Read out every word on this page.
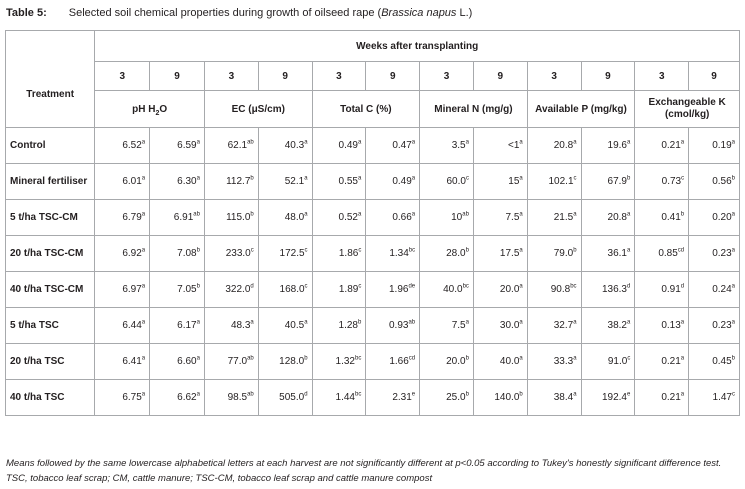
Table 5: Selected soil chemical properties during growth of oilseed rape (Brassica napus L.)
	Weeks after transplanting											
Treatment	3	9	3	9	3	9	3	9	3	9	3	9
	pH $H_2O$		EC (μS/cm)		Total C (%)		Mineral N (mg/g)		Available P (mg/kg)		Exchangeable K
(cmol/kg)	
Control	6.52$^a$	6.59$^a$	62.1$^{ab}$	40.3$^a$	0.49$^a$	0.47$^a$	3.5$^a$	$<1^a$	20.8$^a$	19.6$^a$	0.21$^a$	0.19$^a$
Mineral fertiliser	6.01$^a$	6.30$^a$	112.7$^b$	52.1$^a$	0.55$^a$	0.49$^a$	60.0$^c$	15$^a$	102.1$^c$	67.9$^b$	0.73$^c$	0.56$^b$
5 t/ha TSC-CM	6.79$^a$	6.91$^{ab}$	115.0$^b$	48.0$^a$	0.52$^a$	0.66$^a$	$10^{ab}$	7.5$^a$	21.5$^a$	20.8$^a$	0.41$^b$	0.20$^a$
20 t/ha TSC-CM	6.92$^a$	7.08$^b$	233.0$^c$	172.5$^c$	1.86$^c$	1.34$^{bc}$	28.0$^b$	17.5$^a$	79.0$^b$	36.1$^a$	0.85$^{cd}$	0.23$^a$
40 t/ha TSC-CM	6.97$^a$	7.05$^b$	322.0$^d$	168.0$^c$	1.89$^c$	1.96de	40.0$^{bc}$	20.0$^a$	90.8$^{bc}$	136.3$^d$	0.91$^d$	0.24$^a$
5 t/ha TSC	6.44$^a$	6.17$^a$	48.3$^a$	40.5$^a$	1.28$^b$	0.93$^{ab}$	7.5$^a$	30.0$^a$	32.7$^a$	38.2$^a$	0.13$^a$	0.23$^a$
20 t/ha TSC	6.41$^a$	6.60$^a$	77.0$^{ab}$	128.0$^b$	1.32$^{bc}$	1.66$^{cd}$	20.0$^b$	40.0$^a$	33.3$^a$	91.0$^c$	0.21$^a$	0.45$^b$
40 t/ha TSC	6.75$^a$	6.62$^a$	98.5$^{ab}$	505.0$^d$	1.44$^{bc}$	2.31e	25.0$^b$	140.0$^b$	38.4$^a$	192.4e	0.21$^a$	1.47$^c$
Means followed by the same lowercase alphabetical letters at each harvest are not significantly different at p<0.05 according to Tukey's honestly significant difference test.
TSC, tobacco leaf scrap; CM, cattle manure; TSC-CM, tobacco leaf scrap and cattle manure compost
